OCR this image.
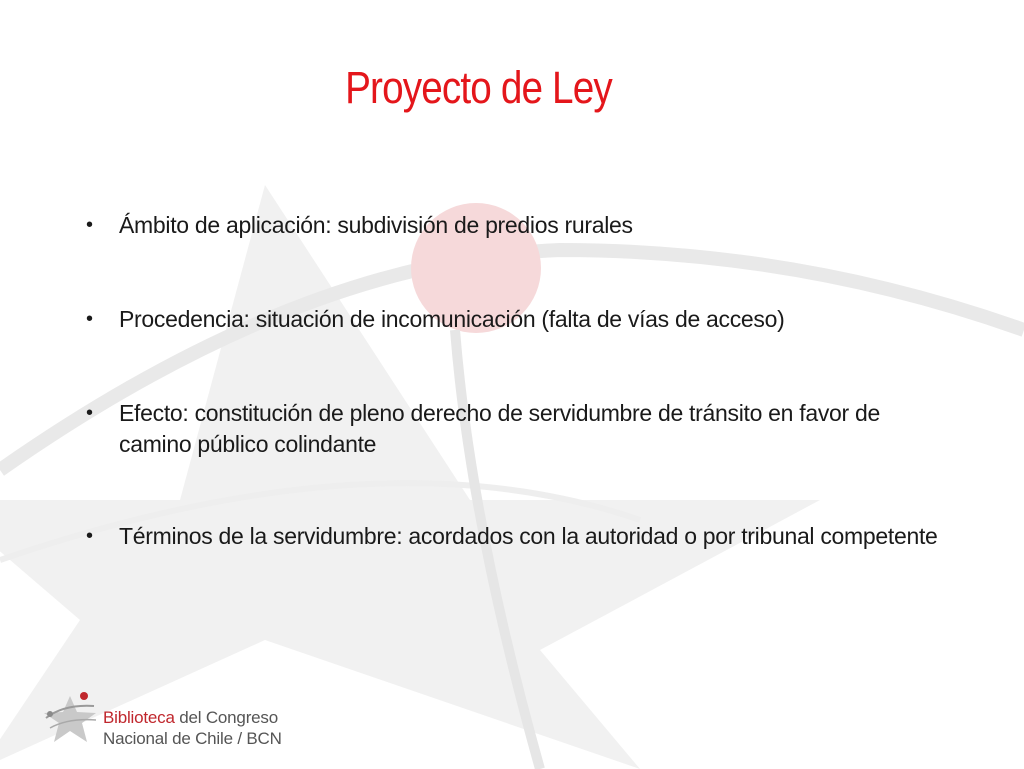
Proyecto de Ley
• Ámbito de aplicación: subdivisión de predios rurales
• Procedencia: situación de incomunicación (falta de vías de acceso)
• Efecto: constitución de pleno derecho de servidumbre de tránsito en favor de camino público colindante
• Términos de la servidumbre: acordados con la autoridad o por tribunal competente
Biblioteca del Congreso
Nacional de Chile / BCN
